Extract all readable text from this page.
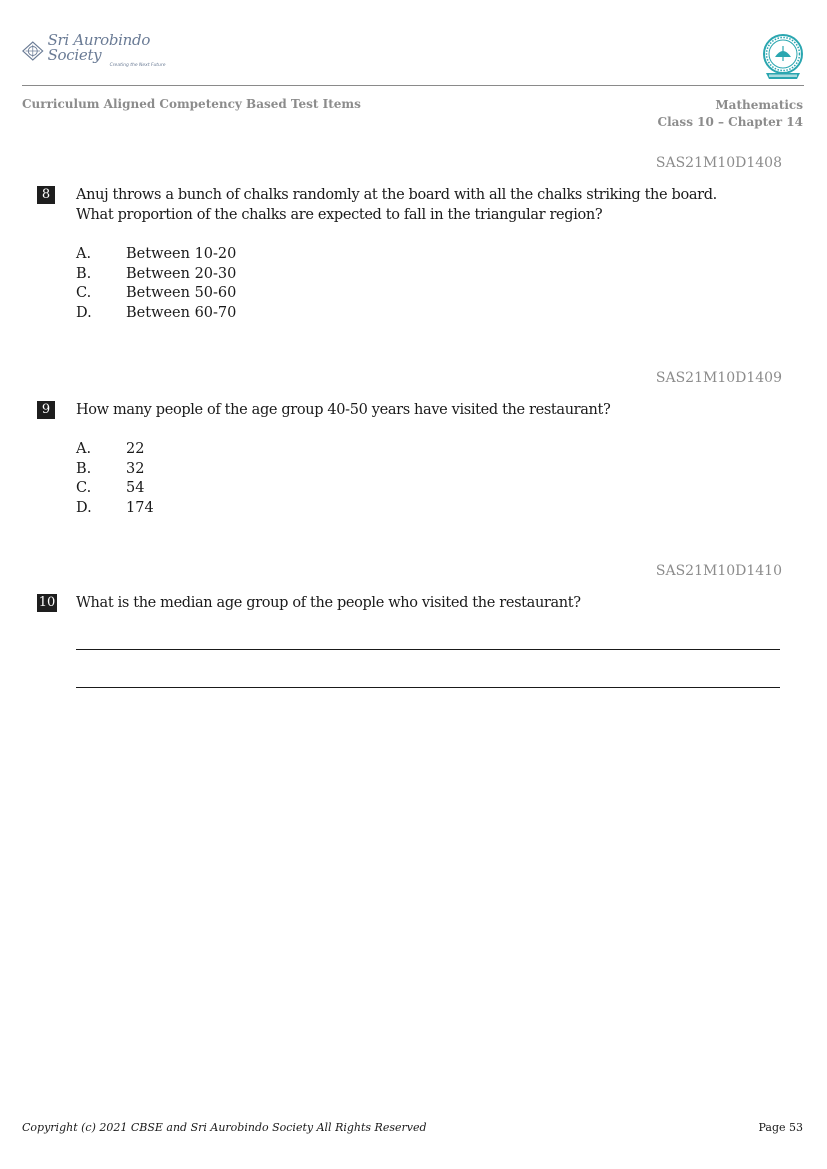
Sri Aurobindo Society
Creating the Next Future
Curriculum Aligned Competency Based Test Items	Mathematics
Class 10 – Chapter 14
SAS21M10D1408
8	Anuj throws a bunch of chalks randomly at the board with all the chalks striking the board.
What proportion of the chalks are expected to fall in the triangular region?
A.	Between 10-20
B.	Between 20-30
C.	Between 50-60
D.	Between 60-70
SAS21M10D1409
9	How many people of the age group 40-50 years have visited the restaurant?
A.	22
B.	32
C.	54
D.	174
SAS21M10D1410
10 What is the median age group of the people who visited the restaurant?
Copyright (c) 2021 CBSE and Sri Aurobindo Society All Rights Reserved	Page 53
